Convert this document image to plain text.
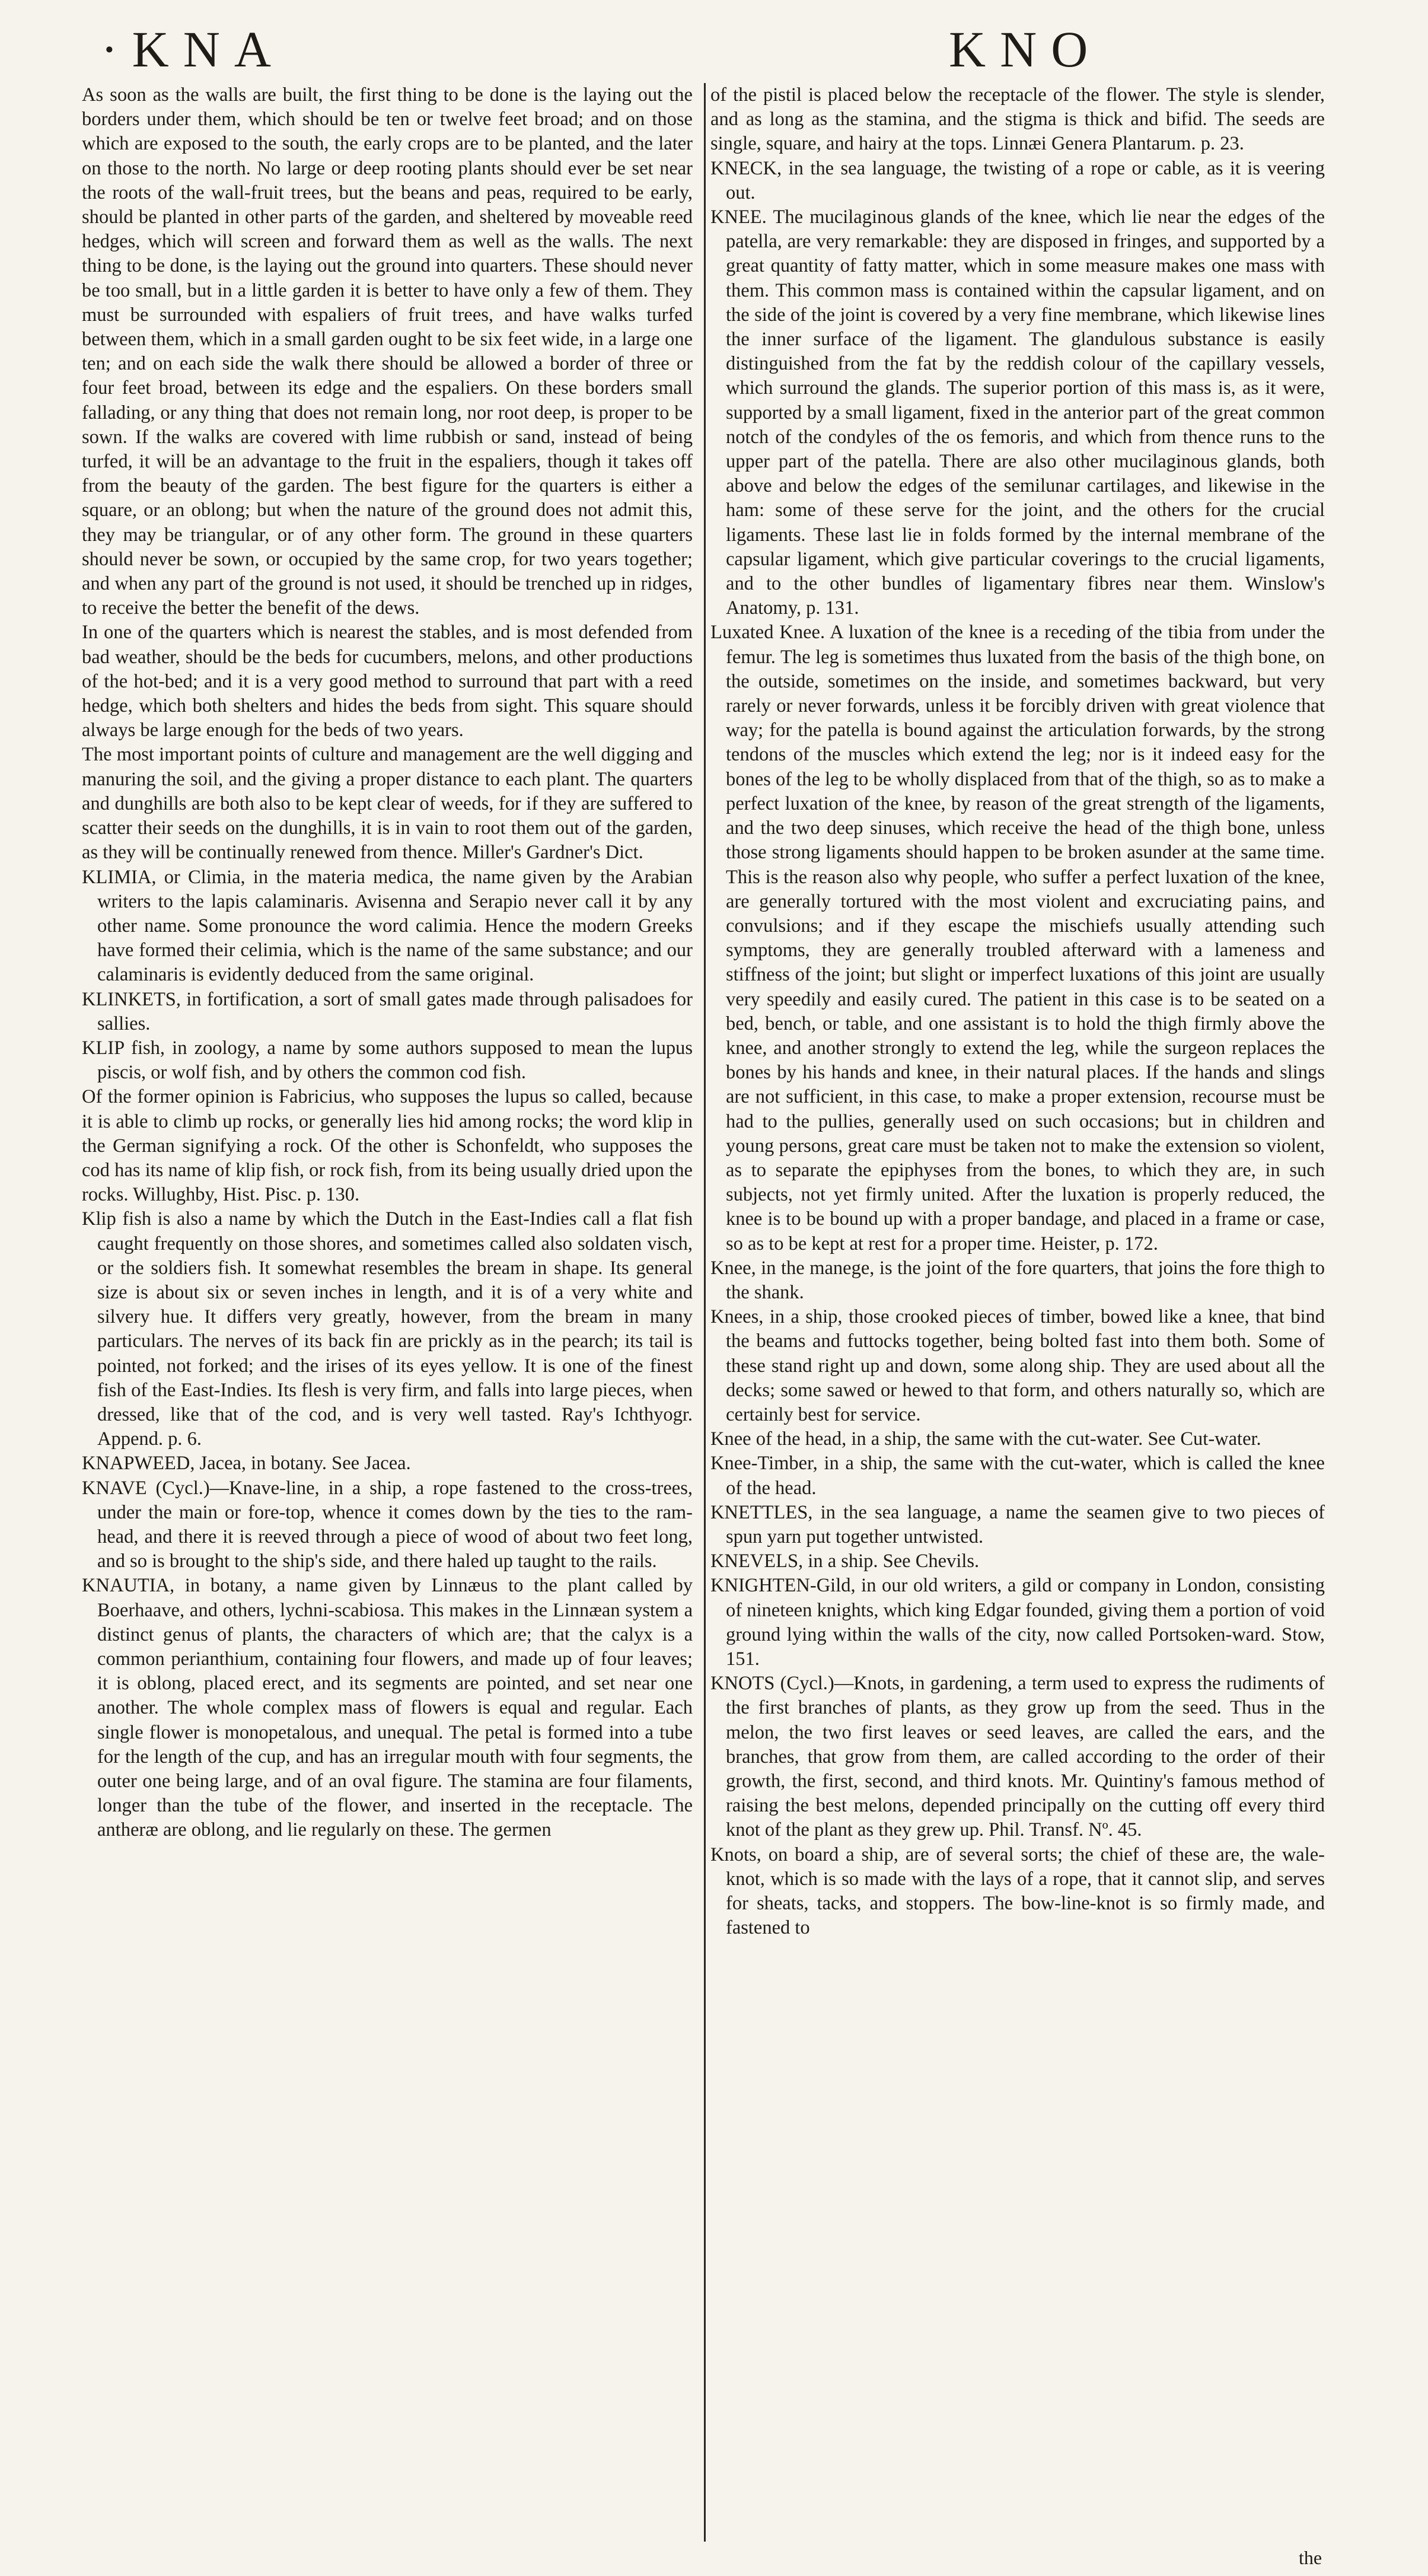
·KNA	KNO

As soon as the walls are built, the first thing to be done is the laying out the borders under them, which should be ten or twelve feet broad; and on those which are exposed to the south, the early crops are to be planted, and the later on those to the north. No large or deep rooting plants should ever be set near the roots of the wall-fruit trees, but the beans and peas, required to be early, should be planted in other parts of the garden, and sheltered by moveable reed hedges, which will screen and forward them as well as the walls. The next thing to be done, is the laying out the ground into quarters. These should never be too small, but in a little garden it is better to have only a few of them. They must be surrounded with espaliers of fruit trees, and have walks turfed between them, which in a small garden ought to be six feet wide, in a large one ten; and on each side the walk there should be allowed a border of three or four feet broad, between its edge and the espaliers. On these borders small fallading, or any thing that does not remain long, nor root deep, is proper to be sown. If the walks are covered with lime rubbish or sand, instead of being turfed, it will be an advantage to the fruit in the espaliers, though it takes off from the beauty of the garden. The best figure for the quarters is either a square, or an oblong; but when the nature of the ground does not admit this, they may be triangular, or of any other form. The ground in these quarters should never be sown, or occupied by the same crop, for two years together; and when any part of the ground is not used, it should be trenched up in ridges, to receive the better the benefit of the dews.

In one of the quarters which is nearest the stables, and is most defended from bad weather, should be the beds for cucumbers, melons, and other productions of the hot-bed; and it is a very good method to surround that part with a reed hedge, which both shelters and hides the beds from sight. This square should always be large enough for the beds of two years.

The most important points of culture and management are the well digging and manuring the soil, and the giving a proper distance to each plant. The quarters and dunghills are both also to be kept clear of weeds, for if they are suffered to scatter their seeds on the dunghills, it is in vain to root them out of the garden, as they will be continually renewed from thence. Miller's Gardner's Dict.

KLIMIA, or Climia, in the materia medica, the name given by the Arabian writers to the lapis calaminaris. Avisenna and Serapio never call it by any other name. Some pronounce the word calimia. Hence the modern Greeks have formed their celimia, which is the name of the same substance; and our calaminaris is evidently deduced from the same original.

KLINKETS, in fortification, a sort of small gates made through palisadoes for sallies.

KLIP fish, in zoology, a name by some authors supposed to mean the lupus piscis, or wolf fish, and by others the common cod fish.

Of the former opinion is Fabricius, who supposes the lupus so called, because it is able to climb up rocks, or generally lies hid among rocks; the word klip in the German signifying a rock. Of the other is Schonfeldt, who supposes the cod has its name of klip fish, or rock fish, from its being usually dried upon the rocks. Willughby, Hist. Pisc. p. 130.

Klip fish is also a name by which the Dutch in the East-Indies call a flat fish caught frequently on those shores, and sometimes called also soldaten visch, or the soldiers fish. It somewhat resembles the bream in shape. Its general size is about six or seven inches in length, and it is of a very white and silvery hue. It differs very greatly, however, from the bream in many particulars. The nerves of its back fin are prickly as in the pearch; its tail is pointed, not forked; and the irises of its eyes yellow. It is one of the finest fish of the East-Indies. Its flesh is very firm, and falls into large pieces, when dressed, like that of the cod, and is very well tasted. Ray's Ichthyogr. Append. p. 6.

KNAPWEED, Jacea, in botany. See Jacea.

KNAVE (Cycl.)—Knave-line, in a ship, a rope fastened to the cross-trees, under the main or fore-top, whence it comes down by the ties to the ram-head, and there it is reeved through a piece of wood of about two feet long, and so is brought to the ship's side, and there haled up taught to the rails.

KNAUTIA, in botany, a name given by Linnæus to the plant called by Boerhaave, and others, lychni-scabiosa. This makes in the Linnæan system a distinct genus of plants, the characters of which are; that the calyx is a common perianthium, containing four flowers, and made up of four leaves; it is oblong, placed erect, and its segments are pointed, and set near one another. The whole complex mass of flowers is equal and regular. Each single flower is monopetalous, and unequal. The petal is formed into a tube for the length of the cup, and has an irregular mouth with four segments, the outer one being large, and of an oval figure. The stamina are four filaments, longer than the tube of the flower, and inserted in the receptacle. The antheræ are oblong, and lie regularly on these. The germen

of the pistil is placed below the receptacle of the flower. The style is slender, and as long as the stamina, and the stigma is thick and bifid. The seeds are single, square, and hairy at the tops. Linnæi Genera Plantarum. p. 23.

KNECK, in the sea language, the twisting of a rope or cable, as it is veering out.

KNEE. The mucilaginous glands of the knee, which lie near the edges of the patella, are very remarkable: they are disposed in fringes, and supported by a great quantity of fatty matter, which in some measure makes one mass with them. This common mass is contained within the capsular ligament, and on the side of the joint is covered by a very fine membrane, which likewise lines the inner surface of the ligament. The glandulous substance is easily distinguished from the fat by the reddish colour of the capillary vessels, which surround the glands. The superior portion of this mass is, as it were, supported by a small ligament, fixed in the anterior part of the great common notch of the condyles of the os femoris, and which from thence runs to the upper part of the patella. There are also other mucilaginous glands, both above and below the edges of the semilunar cartilages, and likewise in the ham: some of these serve for the joint, and the others for the crucial ligaments. These last lie in folds formed by the internal membrane of the capsular ligament, which give particular coverings to the crucial ligaments, and to the other bundles of ligamentary fibres near them. Winslow's Anatomy, p. 131.

Luxated Knee. A luxation of the knee is a receding of the tibia from under the femur. The leg is sometimes thus luxated from the basis of the thigh bone, on the outside, sometimes on the inside, and sometimes backward, but very rarely or never forwards, unless it be forcibly driven with great violence that way; for the patella is bound against the articulation forwards, by the strong tendons of the muscles which extend the leg; nor is it indeed easy for the bones of the leg to be wholly displaced from that of the thigh, so as to make a perfect luxation of the knee, by reason of the great strength of the ligaments, and the two deep sinuses, which receive the head of the thigh bone, unless those strong ligaments should happen to be broken asunder at the same time. This is the reason also why people, who suffer a perfect luxation of the knee, are generally tortured with the most violent and excruciating pains, and convulsions; and if they escape the mischiefs usually attending such symptoms, they are generally troubled afterward with a lameness and stiffness of the joint; but slight or imperfect luxations of this joint are usually very speedily and easily cured. The patient in this case is to be seated on a bed, bench, or table, and one assistant is to hold the thigh firmly above the knee, and another strongly to extend the leg, while the surgeon replaces the bones by his hands and knee, in their natural places. If the hands and slings are not sufficient, in this case, to make a proper extension, recourse must be had to the pullies, generally used on such occasions; but in children and young persons, great care must be taken not to make the extension so violent, as to separate the epiphyses from the bones, to which they are, in such subjects, not yet firmly united. After the luxation is properly reduced, the knee is to be bound up with a proper bandage, and placed in a frame or case, so as to be kept at rest for a proper time. Heister, p. 172.

Knee, in the manege, is the joint of the fore quarters, that joins the fore thigh to the shank.

Knees, in a ship, those crooked pieces of timber, bowed like a knee, that bind the beams and futtocks together, being bolted fast into them both. Some of these stand right up and down, some along ship. They are used about all the decks; some sawed or hewed to that form, and others naturally so, which are certainly best for service.

Knee of the head, in a ship, the same with the cut-water. See Cut-water.

Knee-Timber, in a ship, the same with the cut-water, which is called the knee of the head.

KNETTLES, in the sea language, a name the seamen give to two pieces of spun yarn put together untwisted.

KNEVELS, in a ship. See Chevils.

KNIGHTEN-Gild, in our old writers, a gild or company in London, consisting of nineteen knights, which king Edgar founded, giving them a portion of void ground lying within the walls of the city, now called Portsoken-ward. Stow, 151.

KNOTS (Cycl.)—Knots, in gardening, a term used to express the rudiments of the first branches of plants, as they grow up from the seed. Thus in the melon, the two first leaves or seed leaves, are called the ears, and the branches, that grow from them, are called according to the order of their growth, the first, second, and third knots. Mr. Quintiny's famous method of raising the best melons, depended principally on the cutting off every third knot of the plant as they grew up. Phil. Transf. Nº. 45.

Knots, on board a ship, are of several sorts; the chief of these are, the wale-knot, which is so made with the lays of a rope, that it cannot slip, and serves for sheats, tacks, and stoppers. The bow-line-knot is so firmly made, and fastened to

the
